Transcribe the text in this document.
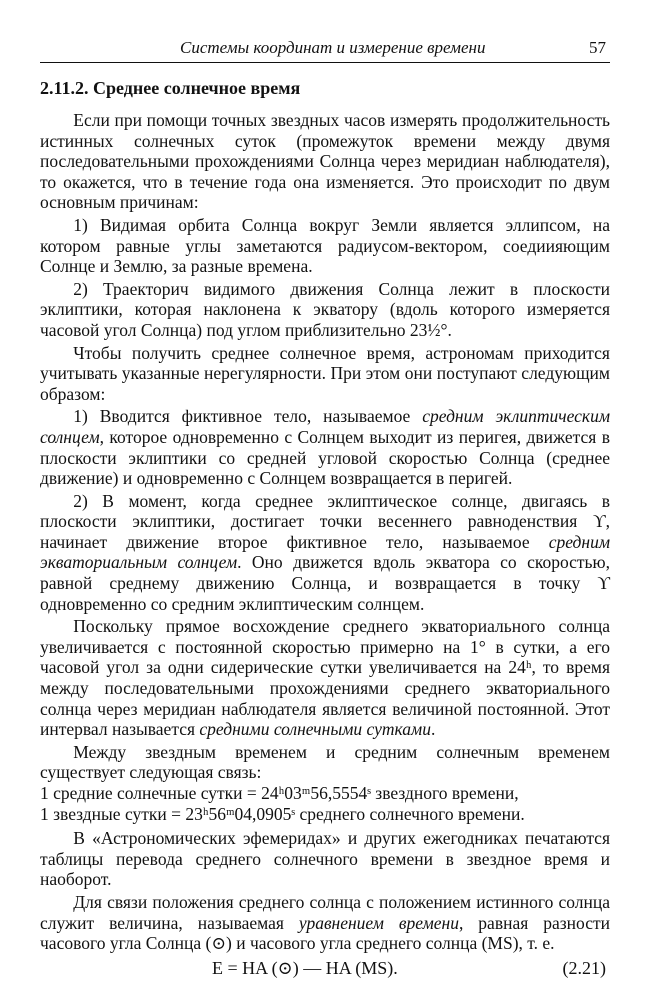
Системы координат и измерение времени	57
2.11.2. Среднее солнечное время

Если при помощи точных звездных часов измерять продолжительность истинных солнечных суток (промежуток времени между двумя последовательными прохождениями Солнца через меридиан наблюдателя), то окажется, что в течение года она изменяется. Это происходит по двум основным причинам:

1) Видимая орбита Солнца вокруг Земли является эллипсом, на котором равные углы заметаются радиусом-вектором, соедиияющим Солнце и Землю, за разные времена.

2) Траекторич видимого движения Солнца лежит в плоскости эклиптики, которая наклонена к экватору (вдоль которого измеряется часовой угол Солнца) под углом приблизительно 23½°.

Чтобы получить среднее солнечное время, астрономам приходится учитывать указанные нерегулярности. При этом они поступают следующим образом:

1) Вводится фиктивное тело, называемое средним эклиптическим солнцем, которое одновременно с Солнцем выходит из перигея, движется в плоскости эклиптики со средней угловой скоростью Солнца (среднее движение) и одновременно с Солнцем возвращается в перигей.

2) В момент, когда среднее эклиптическое солнце, двигаясь в плоскости эклиптики, достигает точки весеннего равноденствия ϒ, начинает движение второе фиктивное тело, называемое средним экваториальным солнцем. Оно движется вдоль экватора со скоростью, равной среднему движению Солнца, и возвращается в точку ϒ одновременно со средним эклиптическим солнцем.

Поскольку прямое восхождение среднего экваториального солнца увеличивается с постоянной скоростью примерно на 1° в сутки, а его часовой угол за одни сидерические сутки увеличивается на 24ʰ, то время между последовательными прохождениями среднего экваториального солнца через меридиан наблюдателя является величиной постоянной. Этот интервал называется средними солнечными сутками.

Между звездным временем и средним солнечным временем существует следующая связь:

1 средние солнечные сутки = 24ʰ03ᵐ56,5554ˢ звездного времени,
1 звездные сутки = 23ʰ56ᵐ04,0905ˢ среднего солнечного времени.

В «Астрономических эфемеридах» и других ежегодниках печатаются таблицы перевода среднего солнечного времени в звездное время и наоборот.

Для связи положения среднего солнца с положением истинного солнца служит величина, называемая уравнением времени, равная разности часового угла Солнца (⊙) и часового угла среднего солнца (MS), т. е.

E = HA (⊙) — HA (MS).	(2.21)
